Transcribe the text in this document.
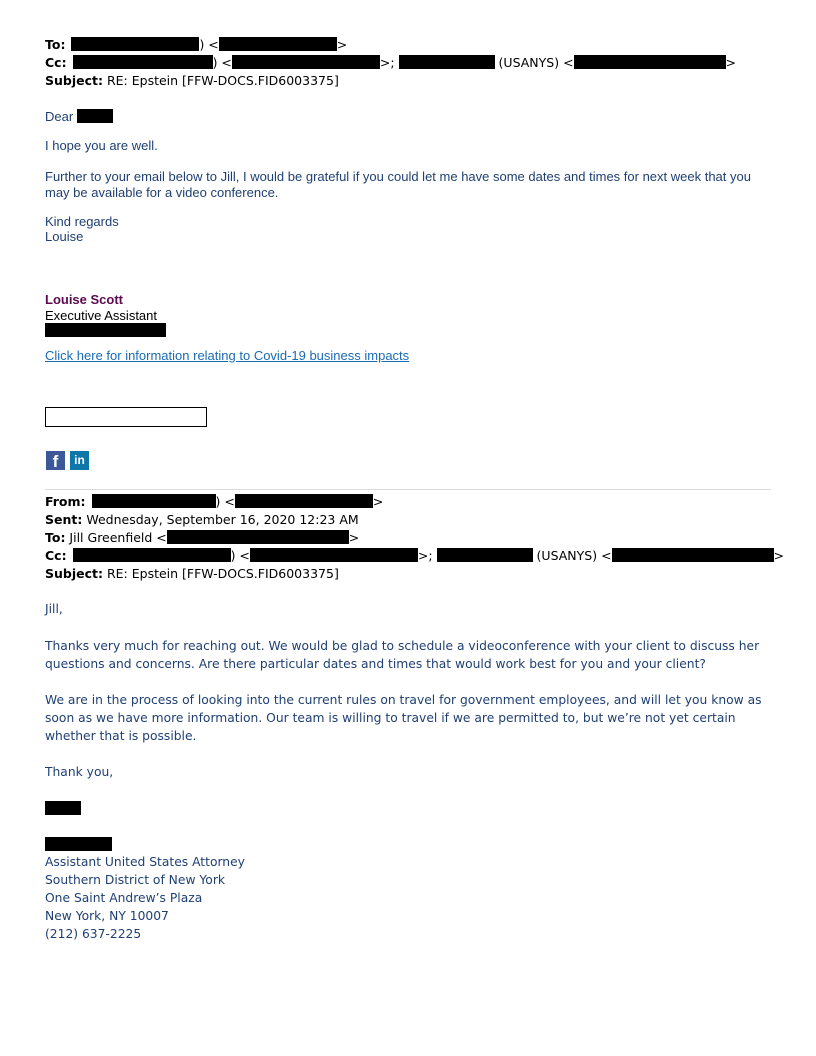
To:	) <	>
Cc:	) <	>;	(USANYS) <	>
Subject: RE: Epstein [FFW-DOCS.FID6003375]
Dear
I hope you are well.
Further to your email below to Jill, I would be grateful if you could let me have some dates and times for next week that you may be available for a video conference.
Kind regards
Louise
Louise Scott
Executive Assistant
Click here for information relating to Covid-19 business impacts
f	in
From:	) <	>
Sent: Wednesday, September 16, 2020 12:23 AM
To: Jill Greenfield <	>
Cc:	) <	>;	(USANYS) <	>
Subject: RE: Epstein [FFW-DOCS.FID6003375]
Jill,
Thanks very much for reaching out. We would be glad to schedule a videoconference with your client to discuss her questions and concerns. Are there particular dates and times that would work best for you and your client?
We are in the process of looking into the current rules on travel for government employees, and will let you know as soon as we have more information. Our team is willing to travel if we are permitted to, but we’re not yet certain whether that is possible.
Thank you,
Assistant United States Attorney
Southern District of New York
One Saint Andrew’s Plaza
New York, NY 10007
(212) 637-2225
